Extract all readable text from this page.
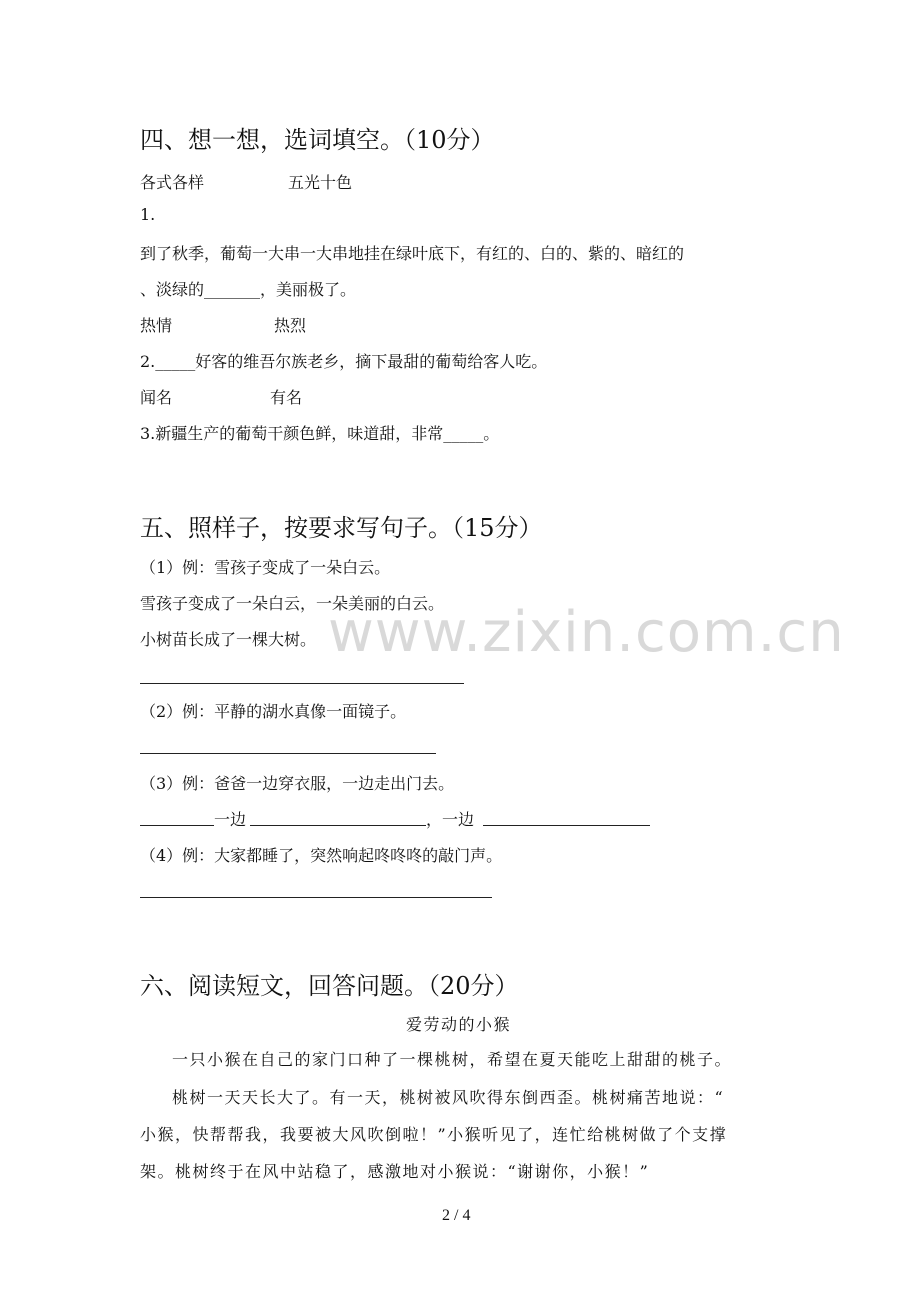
www.zixin.com.cn
四、想一想，选词填空。（10分）
各式各样	五光十色
1.
到了秋季，葡萄一大串一大串地挂在绿叶底下，有红的、白的、紫的、暗红的
、淡绿的_______，美丽极了。
热情	热烈
2._____好客的维吾尔族老乡，摘下最甜的葡萄给客人吃。
闻名	有名
3.新疆生产的葡萄干颜色鲜，味道甜，非常_____。
五、照样子，按要求写句子。（15分）
（1）例：雪孩子变成了一朵白云。
雪孩子变成了一朵白云，一朵美丽的白云。
小树苗长成了一棵大树。
（2）例：平静的湖水真像一面镜子。
（3）例：爸爸一边穿衣服，一边走出门去。
一边	，一边
（4）例：大家都睡了，突然响起咚咚咚的敲门声。
六、阅读短文，回答问题。（20分）
爱劳动的小猴
一只小猴在自己的家门口种了一棵桃树，希望在夏天能吃上甜甜的桃子。
桃树一天天长大了。有一天，桃树被风吹得东倒西歪。桃树痛苦地说：“
小猴，快帮帮我，我要被大风吹倒啦！”小猴听见了，连忙给桃树做了个支撑
架。桃树终于在风中站稳了，感激地对小猴说：“谢谢你，小猴！”
2 / 4
